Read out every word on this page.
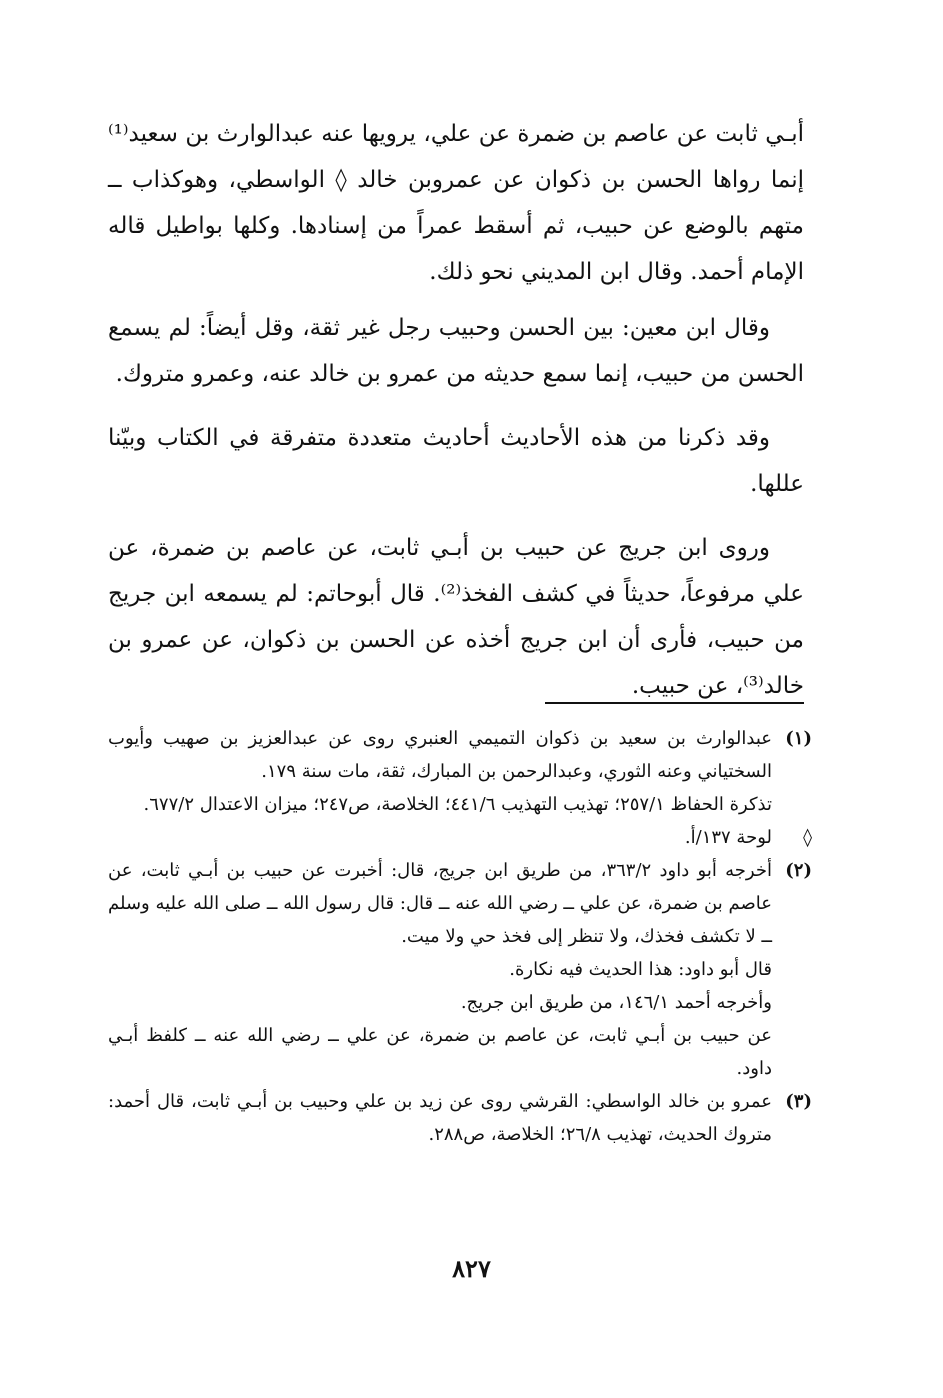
أبـي ثابت عن عاصم بن ضمرة عن علي، يرويها عنه عبدالوارث بن سعيد⁽¹⁾ إنما رواها الحسن بن ذكوان عن عمروبن خالد ◊ الواسطي، وهوكذاب ــ متهم بالوضع عن حبيب، ثم أسقط عمراً من إسنادها. وكلها بواطيل قاله الإمام أحمد. وقال ابن المديني نحو ذلك.

وقال ابن معين: بين الحسن وحبيب رجل غير ثقة، وقل أيضاً: لم يسمع الحسن من حبيب، إنما سمع حديثه من عمرو بن خالد عنه، وعمرو متروك.

وقد ذكرنا من هذه الأحاديث أحاديث متعددة متفرقة في الكتاب وبيّنا عللها.

وروى ابن جريج عن حبيب بن أبـي ثابت، عن عاصم بن ضمرة، عن علي مرفوعاً، حديثاً في كشف الفخذ⁽²⁾. قال أبوحاتم: لم يسمعه ابن جريج من حبيب، فأرى أن ابن جريج أخذه عن الحسن بن ذكوان، عن عمرو بن خالد⁽³⁾، عن حبيب.

(١)
عبدالوارث بن سعيد بن ذكوان التميمي العنبري روى عن عبدالعزيز بن صهيب وأيوب السختياني وعنه الثوري، وعبدالرحمن بن المبارك، ثقة، مات سنة ١٧٩.
تذكرة الحفاظ ٢٥٧/١؛ تهذيب التهذيب ٤٤١/٦؛ الخلاصة، ص٢٤٧؛ ميزان الاعتدال ٦٧٧/٢.
◊
لوحة ١٣٧/أ.
(٢)
أخرجه أبو داود ٣٦٣/٢، من طريق ابن جريج، قال: أخبرت عن حبيب بن أبـي ثابت، عن عاصم بن ضمرة، عن علي ــ رضي الله عنه ــ قال: قال رسول الله ــ صلى الله عليه وسلم ــ لا تكشف فخذك، ولا تنظر إلى فخذ حي ولا ميت.
قال أبو داود: هذا الحديث فيه نكارة.
وأخرجه أحمد ١٤٦/١، من طريق ابن جريج.
عن حبيب بن أبـي ثابت، عن عاصم بن ضمرة، عن علي ــ رضي الله عنه ــ كلفظ أبـي داود.
(٣)
عمرو بن خالد الواسطي: القرشي روى عن زيد بن علي وحبيب بن أبـي ثابت، قال أحمد: متروك الحديث، تهذيب ٢٦/٨؛ الخلاصة، ص٢٨٨.
٨٢٧
